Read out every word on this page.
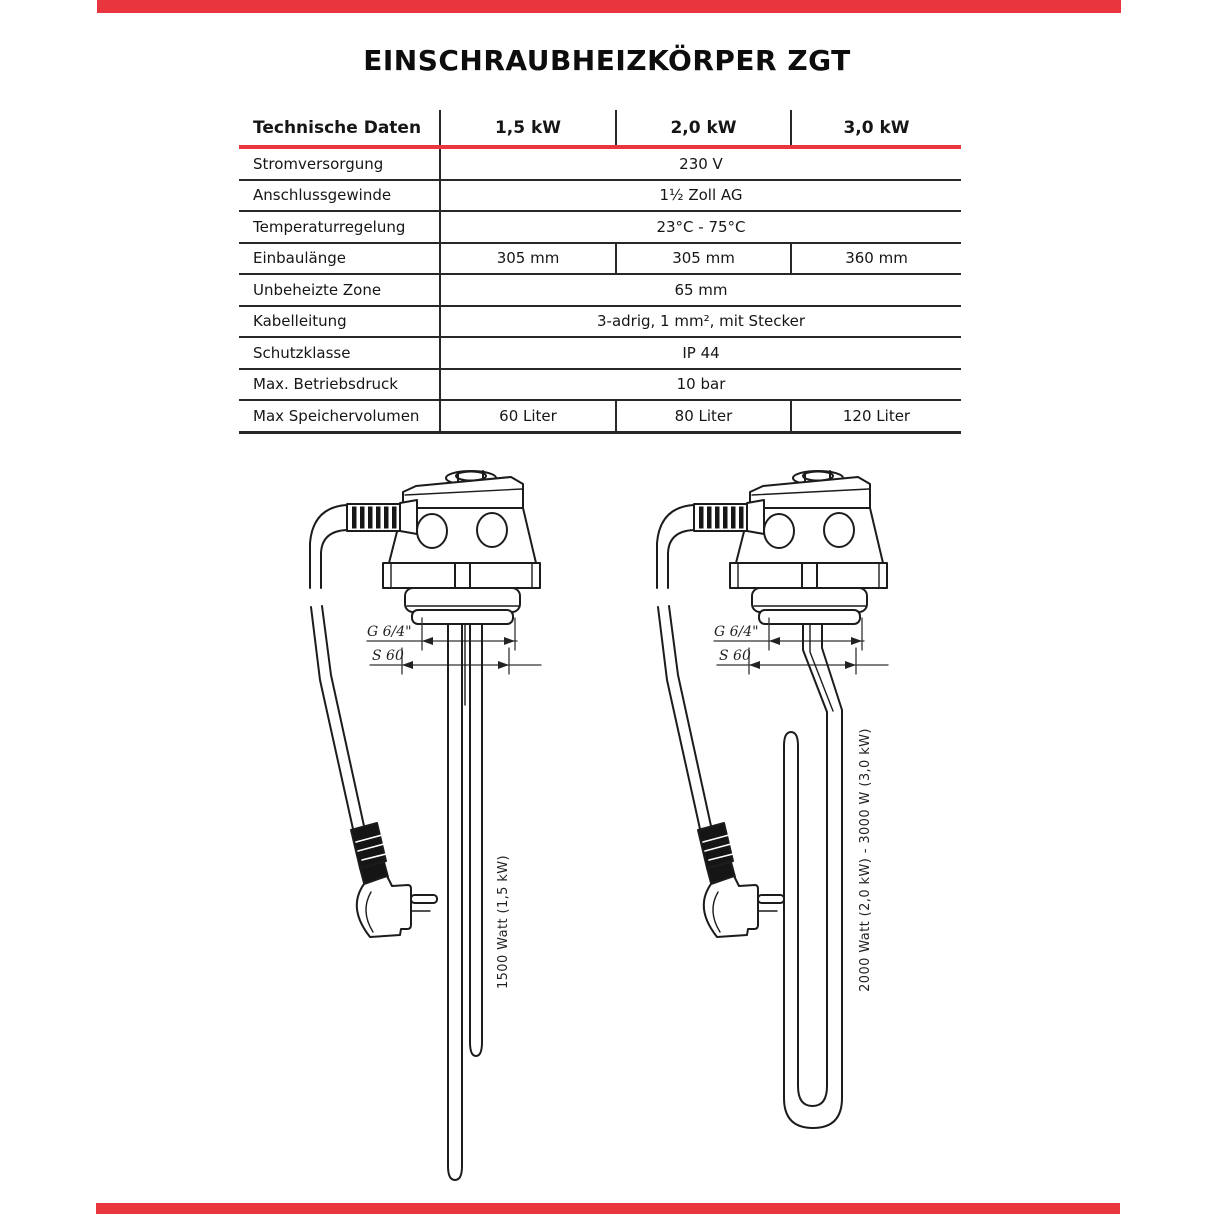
EINSCHRAUBHEIZKÖRPER ZGT
Technische Daten	1,5 kW	2,0 kW	3,0 kW
Stromversorgung	230 V		
Anschlussgewinde	1½ Zoll AG		
Temperaturregelung	23°C - 75°C		
Einbaulänge	305 mm	305 mm	360 mm
Unbeheizte Zone	65 mm		
Kabelleitung	3-adrig, 1 mm², mit Stecker		
Schutzklasse	IP 44		
Max. Betriebsdruck	10 bar		
Max Speichervolumen	60 Liter	80 Liter	120 Liter
G 6/4"
S 60
1500 Watt (1,5 kW)
G 6/4"
S 60
2000 Watt (2,0 kW) - 3000 W (3,0 kW)
